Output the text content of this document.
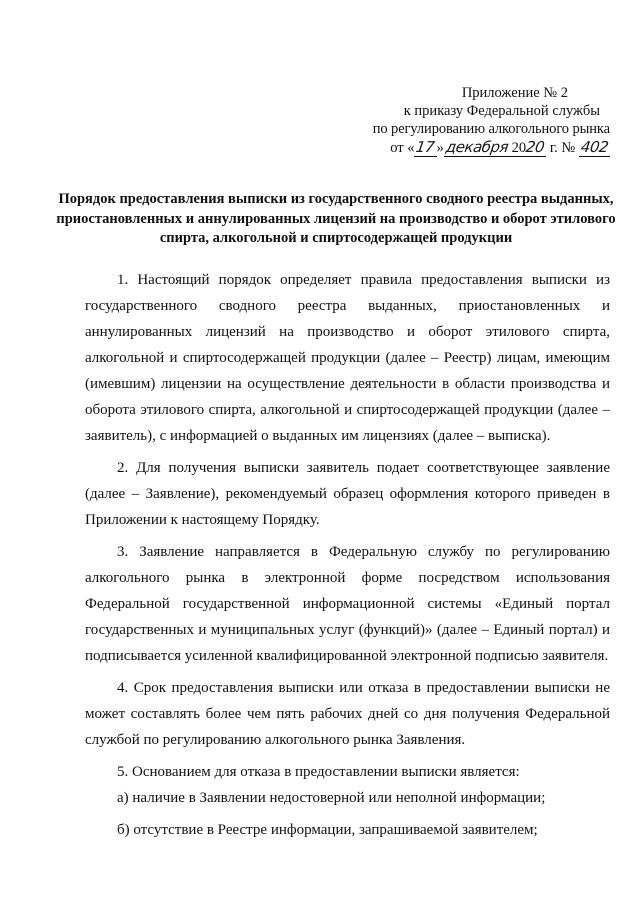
Приложение № 2
к приказу Федеральной службы
по регулированию алкогольного рынка
от «17»декабря 2020 г. № 402
Порядок предоставления выписки из государственного сводного реестра выданных, приостановленных и аннулированных лицензий на производство и оборот этилового спирта, алкогольной и спиртосодержащей продукции

1. Настоящий порядок определяет правила предоставления выписки из государственного сводного реестра выданных, приостановленных и аннулированных лицензий на производство и оборот этилового спирта, алкогольной и спиртосодержащей продукции (далее – Реестр) лицам, имеющим (имевшим) лицензии на осуществление деятельности в области производства и оборота этилового спирта, алкогольной и спиртосодержащей продукции (далее – заявитель), с информацией о выданных им лицензиях (далее – выписка).

2. Для получения выписки заявитель подает соответствующее заявление (далее – Заявление), рекомендуемый образец оформления которого приведен в Приложении к настоящему Порядку.

3. Заявление направляется в Федеральную службу по регулированию алкогольного рынка в электронной форме посредством использования Федеральной государственной информационной системы «Единый портал государственных и муниципальных услуг (функций)» (далее – Единый портал) и подписывается усиленной квалифицированной электронной подписью заявителя.

4. Срок предоставления выписки или отказа в предоставлении выписки не может составлять более чем пять рабочих дней со дня получения Федеральной службой по регулированию алкогольного рынка Заявления.

5. Основанием для отказа в предоставлении выписки является:

а) наличие в Заявлении недостоверной или неполной информации;

б) отсутствие в Реестре информации, запрашиваемой заявителем;
